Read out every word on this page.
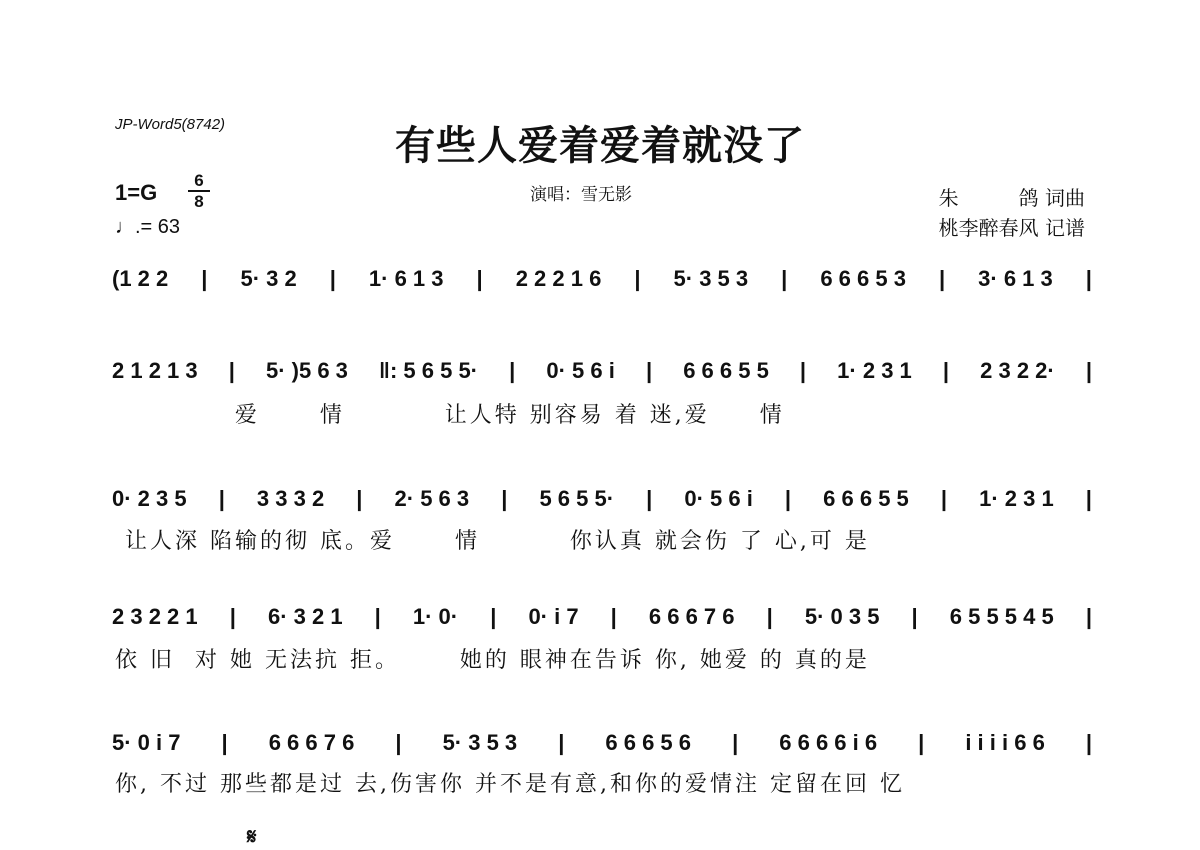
JP-Word5(8742)	有些人爱着爱着就没了
1=G	6
8
♩.= 63
演唱：雪无影	朱　　　鸽 词曲
桃李醉春风 记谱
(1 2 2 | 5· 3 2 | 1· 6 1 3 | 2 2 2 1 6 | 5· 3 5 3 | 6 6 6 5 3 | 3· 6 1 3 |
2 1 2 1 3 | 5· )5 6 3 ‖: 5 6 5 5· | 0· 5 6 i | 6 6 6 5 5 | 1· 2 3 1 | 2 3 2 2· |
爱      情          让人特 别容易 着 迷,爱     情
0· 2 3 5 | 3 3 3 2 | 2· 5 6 3 | 5 6 5 5· | 0· 5 6 i | 6 6 6 5 5 | 1· 2 3 1 |
让人深 陷输的彻 底。爱      情         你认真 就会伤 了 心,可 是
2 3 2 2 1 | 6· 3 2 1 | 1· 0· | 0· i 7 | 6 6 6 7 6 | 5· 0 3 5 | 6 5 5 5 4 5 |
依 旧  对 她 无法抗 拒。      她的 眼神在告诉 你, 她爱 的 真的是
5· 0 i 7 | 6 6 6 7 6 | 5· 3 5 3 | 6 6 6 5 6 | 6 6 6 6 i 6 | i i i i 6 6 |
你, 不过 那些都是过 去,伤害你 并不是有意,和你的爱情注 定留在回 忆
𝄋
